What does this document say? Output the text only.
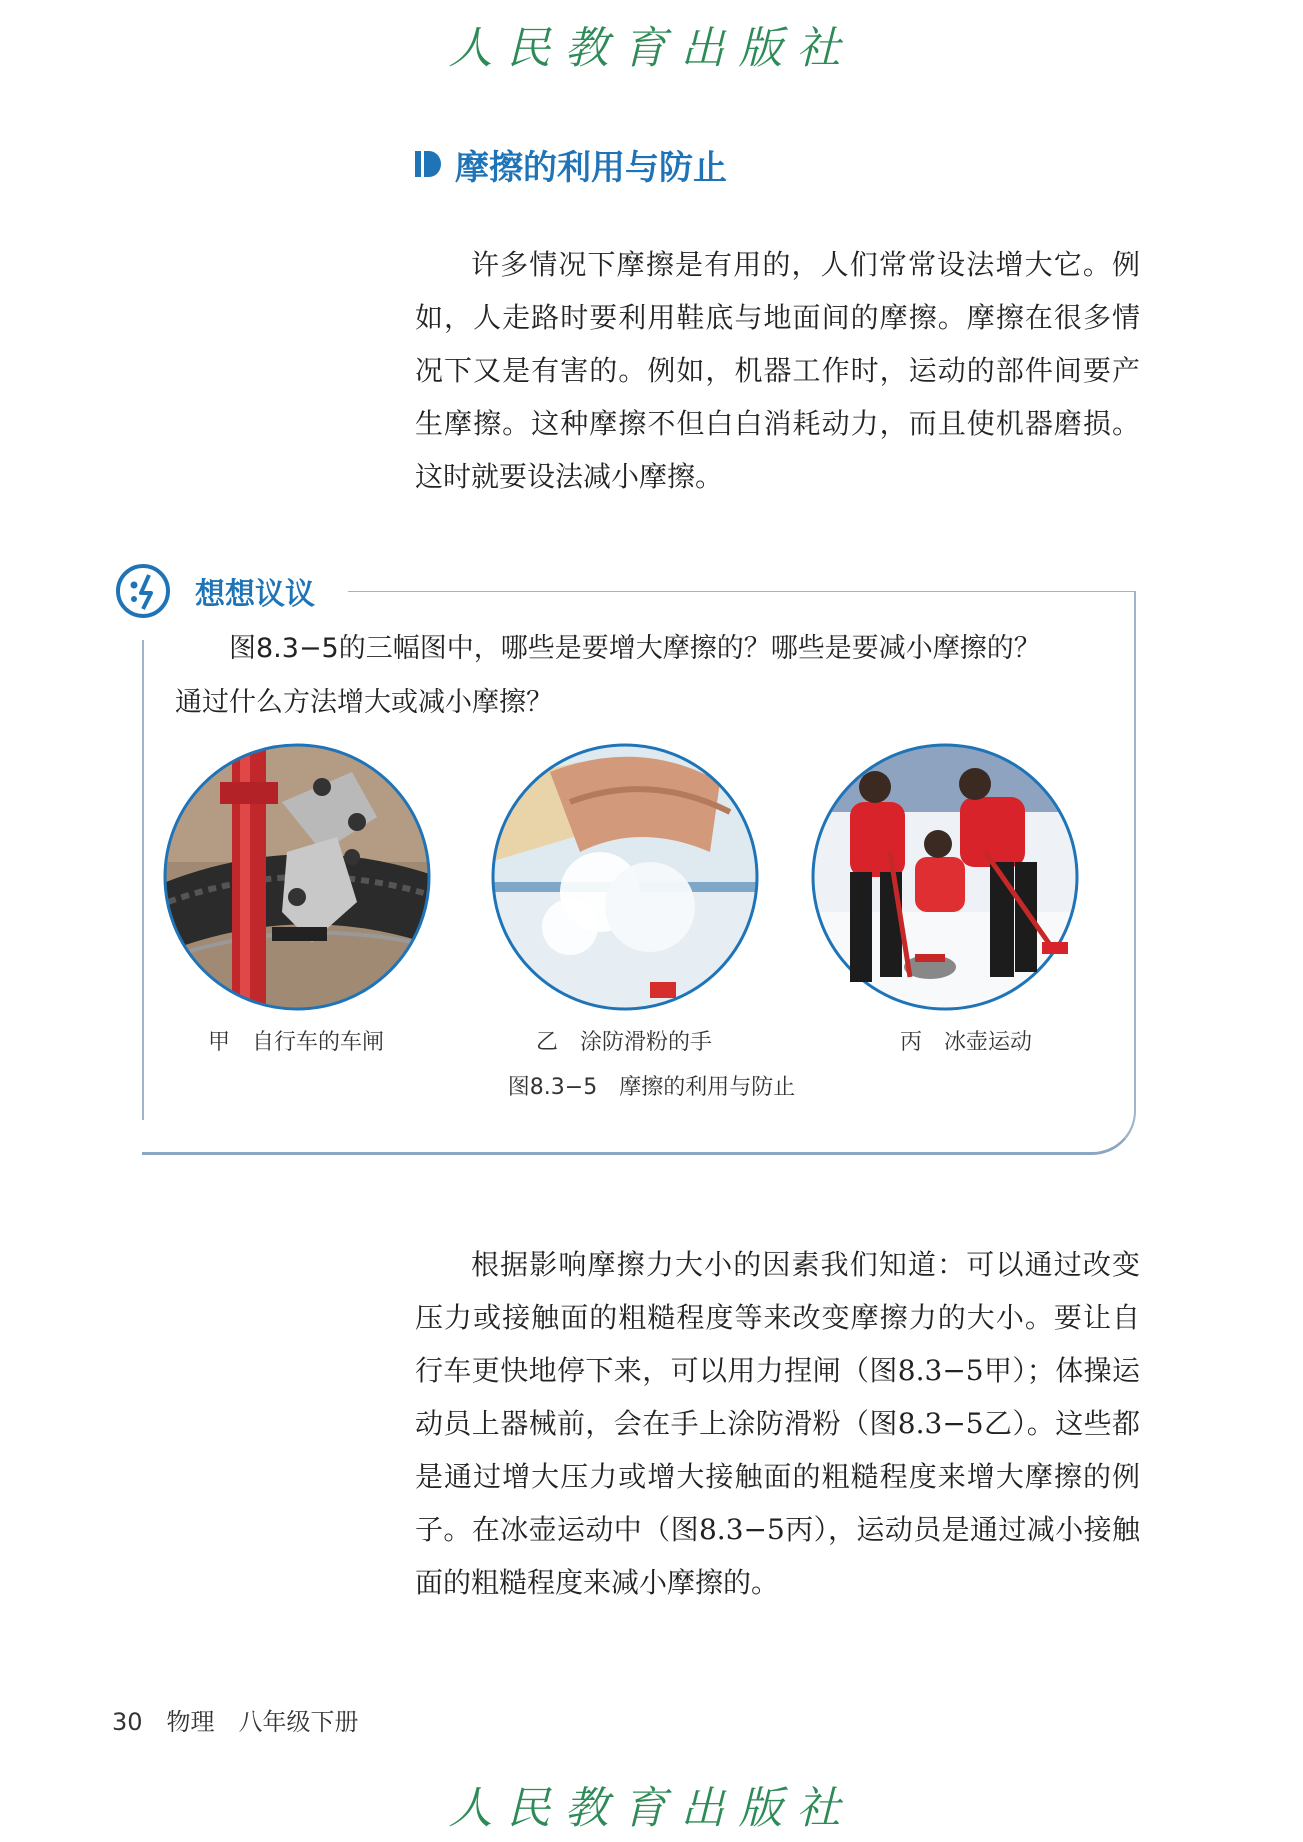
人民教育出版社
摩擦的利用与防止

许多情况下摩擦是有用的，人们常常设法增大它。例如，人走路时要利用鞋底与地面间的摩擦。摩擦在很多情况下又是有害的。例如，机器工作时，运动的部件间要产生摩擦。这种摩擦不但白白消耗动力，而且使机器磨损。这时就要设法减小摩擦。

想想议议

图8.3−5的三幅图中，哪些是要增大摩擦的？哪些是要减小摩擦的？

通过什么方法增大或减小摩擦？

甲　自行车的车闸	乙　涂防滑粉的手	丙　冰壶运动
图8.3−5　摩擦的利用与防止

根据影响摩擦力大小的因素我们知道：可以通过改变压力或接触面的粗糙程度等来改变摩擦力的大小。要让自行车更快地停下来，可以用力捏闸（图8.3−5甲）；体操运动员上器械前，会在手上涂防滑粉（图8.3−5乙）。这些都是通过增大压力或增大接触面的粗糙程度来增大摩擦的例子。在冰壶运动中（图8.3−5丙），运动员是通过减小接触面的粗糙程度来减小摩擦的。

30　物理　八年级下册
人民教育出版社
